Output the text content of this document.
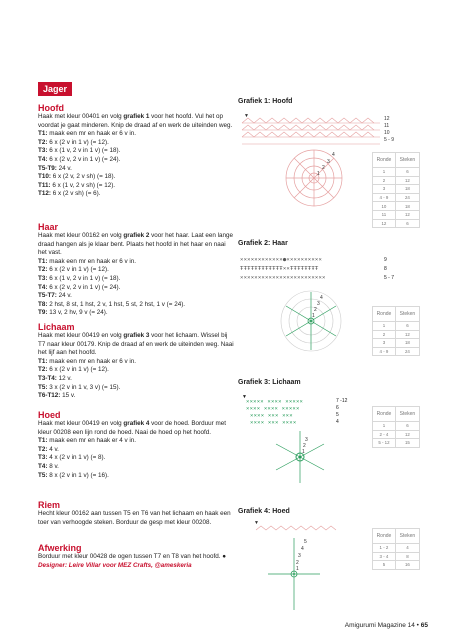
Jager
Hoofd
Haak met kleur 00401 en volg grafiek 1 voor het hoofd. Vul het op voordat je gaat minderen. Knip de draad af en werk de uiteinden weg.
T1: maak een mr en haak er 6 v in.
T2: 6 x (2 v in 1 v) (= 12).
T3: 6 x (1 v, 2 v in 1 v) (= 18).
T4: 6 x (2 v, 2 v in 1 v) (= 24).
T5-T9: 24 v.
T10: 6 x (2 v, 2 v sh) (= 18).
T11: 6 x (1 v, 2 v sh) (= 12).
T12: 6 x (2 v sh) (= 6).
Haar
Haak met kleur 00162 en volg grafiek 2 voor het haar. Laat een lange draad hangen als je klaar bent. Plaats het hoofd in het haar en naai het vast.
T1: maak een mr en haak er 6 v in.
T2: 6 x (2 v in 1 v) (= 12).
T3: 6 x (1 v, 2 v in 1 v) (= 18).
T4: 6 x (2 v, 2 v in 1 v) (= 24).
T5-T7: 24 v.
T8: 2 hst, 8 st, 1 hst, 2 v, 1 hst, 5 st, 2 hst, 1 v (= 24).
T9: 13 v, 2 hv, 9 v (= 24).
Lichaam
Haak met kleur 00419 en volg grafiek 3 voor het lichaam. Wissel bij T7 naar kleur 00179. Knip de draad af en werk de uiteinden weg. Naai het lijf aan het hoofd.
T1: maak een mr en haak er 6 v in.
T2: 6 x (2 v in 1 v) (= 12).
T3-T4: 12 v.
T5: 3 x (2 v in 1 v, 3 v) (= 15).
T6-T12: 15 v.
Hoed
Haak met kleur 00419 en volg grafiek 4 voor de hoed. Borduur met kleur 00208 een lijn rond de hoed. Naai de hoed op het hoofd.
T1: maak een mr en haak er 4 v in.
T2: 4 v.
T3: 4 x (2 v in 1 v) (= 8).
T4: 8 v.
T5: 8 x (2 v in 1 v) (= 16).
Riem
Hecht kleur 00162 aan tussen T5 en T6 van het lichaam en haak een toer van verhoogde steken. Borduur de gesp met kleur 00208.
Afwerking
Borduur met kleur 00428 de ogen tussen T7 en T8 van het hoofd. ●
Designer: Leire Villar voor MEZ Crafts, @ameskeria
Grafiek 1: Hoofd
▼	12
11
10
5 - 9
4
3
2
1
Ronde	Steken
1	6
2	12
3	18
4 - 9	24
10	18
11	12
12	6
Grafiek 2: Haar
××××××××××××●××××××××××
ŦŦŦŦŦŦŦŦŦŦŦŦ××ŦŦŦŦŦŦŦŦ
××××××××××××××××××××××××
9
8
5 - 7
4
3
2
1	Ronde	Steken
1	6
2	12
3	18
4 - 9	24
Grafiek 3: Lichaam
▼
××××× ×××× ×××××
×××× ×××× ×××××
×××× ××× ×××
×××× ××× ××××
7 -12
6
5
4
3
2
1
Ronde	Steken
1	6
2 - 4	12
5 - 12	15
Grafiek 4: Hoed
▼
5
4
3
2
1
Ronde	Steken
1 - 2	4
3 - 4	8
5	16
Amigurumi Magazine 14 • 65
